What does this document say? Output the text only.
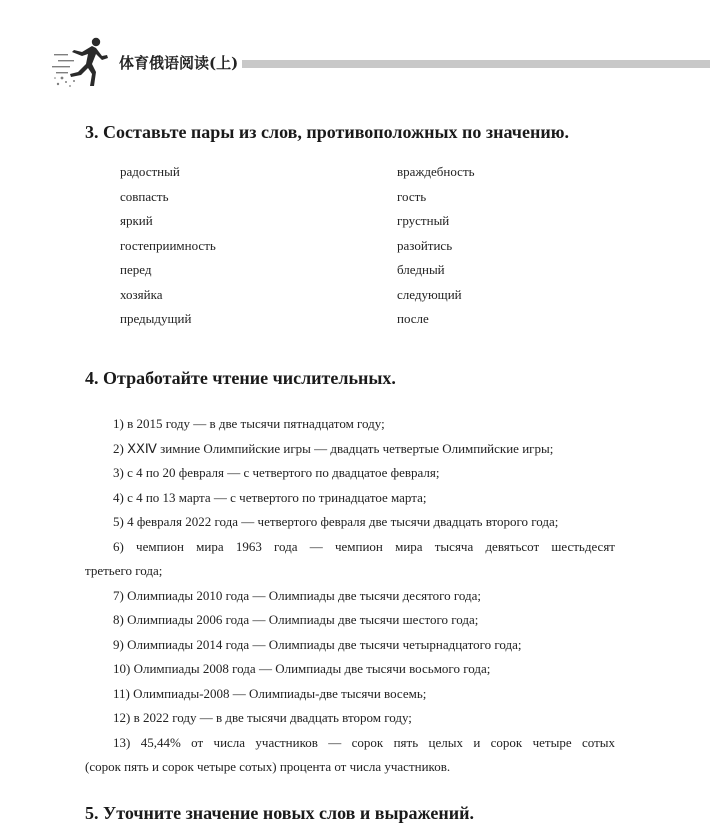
体育俄语阅读(上)
3. Составьте пары из слов, противоположных по значению.
радостный	враждебность
совпасть	гость
яркий	грустный
гостеприимность	разойтись
перед	бледный
хозяйка	следующий
предыдущий	после
4. Отработайте чтение числительных.
1) в 2015 году — в две тысячи пятнадцатом году;
2) ⅩⅩⅣ зимние Олимпийские игры — двадцать четвертые Олимпийские игры;
3) с 4 по 20 февраля — с четвертого по двадцатое февраля;
4) с 4 по 13 марта — с четвертого по тринадцатое марта;
5) 4 февраля 2022 года — четвертого февраля две тысячи двадцать второго года;
6) чемпион мира 1963 года — чемпион мира тысяча девятьсот шестьдесят
третьего года;
7) Олимпиады 2010 года — Олимпиады две тысячи десятого года;
8) Олимпиады 2006 года — Олимпиады две тысячи шестого года;
9) Олимпиады 2014 года — Олимпиады две тысячи четырнадцатого года;
10) Олимпиады 2008 года — Олимпиады две тысячи восьмого года;
11) Олимпиады-2008 — Олимпиады-две тысячи восемь;
12) в 2022 году — в две тысячи двадцать втором году;
13) 45,44% от числа участников — сорок пять целых и сорок четыре сотых
(сорок пять и сорок четыре сотых) процента от числа участников.
5. Уточните значение новых слов и выражений.
